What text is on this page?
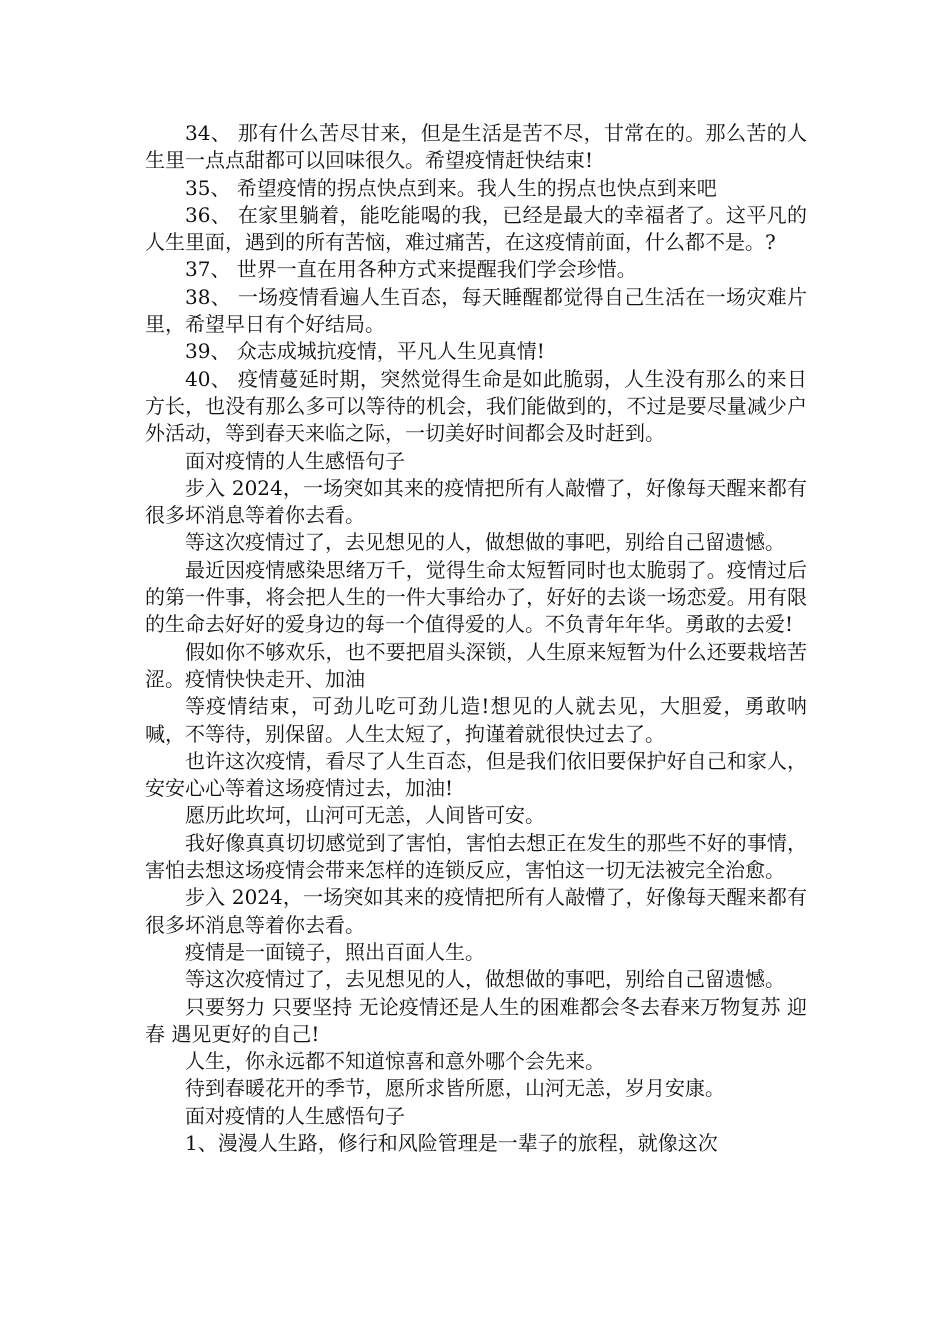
34、 那有什么苦尽甘来，但是生活是苦不尽，甘常在的。那么苦的人生里一点点甜都可以回味很久。希望疫情赶快结束!

35、 希望疫情的拐点快点到来。我人生的拐点也快点到来吧

36、 在家里躺着，能吃能喝的我，已经是最大的幸福者了。这平凡的人生里面，遇到的所有苦恼，难过痛苦，在这疫情前面，什么都不是。?

37、 世界一直在用各种方式来提醒我们学会珍惜。

38、 一场疫情看遍人生百态，每天睡醒都觉得自己生活在一场灾难片里，希望早日有个好结局。

39、 众志成城抗疫情，平凡人生见真情!

40、 疫情蔓延时期，突然觉得生命是如此脆弱，人生没有那么的来日方长，也没有那么多可以等待的机会，我们能做到的，不过是要尽量减少户外活动，等到春天来临之际，一切美好时间都会及时赶到。

面对疫情的人生感悟句子

步入 2024，一场突如其来的疫情把所有人敲懵了，好像每天醒来都有很多坏消息等着你去看。

等这次疫情过了，去见想见的人，做想做的事吧，别给自己留遗憾。

最近因疫情感染思绪万千，觉得生命太短暂同时也太脆弱了。疫情过后的第一件事，将会把人生的一件大事给办了，好好的去谈一场恋爱。用有限的生命去好好的爱身边的每一个值得爱的人。不负青年年华。勇敢的去爱!

假如你不够欢乐，也不要把眉头深锁，人生原来短暂为什么还要栽培苦涩。疫情快快走开、加油

等疫情结束，可劲儿吃可劲儿造!想见的人就去见，大胆爱，勇敢呐喊，不等待，别保留。人生太短了，拘谨着就很快过去了。

也许这次疫情，看尽了人生百态，但是我们依旧要保护好自己和家人，安安心心等着这场疫情过去，加油!

愿历此坎坷，山河可无恙，人间皆可安。

我好像真真切切感觉到了害怕，害怕去想正在发生的那些不好的事情，害怕去想这场疫情会带来怎样的连锁反应，害怕这一切无法被完全治愈。

步入 2024，一场突如其来的疫情把所有人敲懵了，好像每天醒来都有很多坏消息等着你去看。

疫情是一面镜子，照出百面人生。

等这次疫情过了，去见想见的人，做想做的事吧，别给自己留遗憾。

只要努力 只要坚持 无论疫情还是人生的困难都会冬去春来万物复苏 迎春 遇见更好的自己!

人生，你永远都不知道惊喜和意外哪个会先来。

待到春暖花开的季节，愿所求皆所愿，山河无恙，岁月安康。

面对疫情的人生感悟句子

1、漫漫人生路，修行和风险管理是一辈子的旅程，就像这次
